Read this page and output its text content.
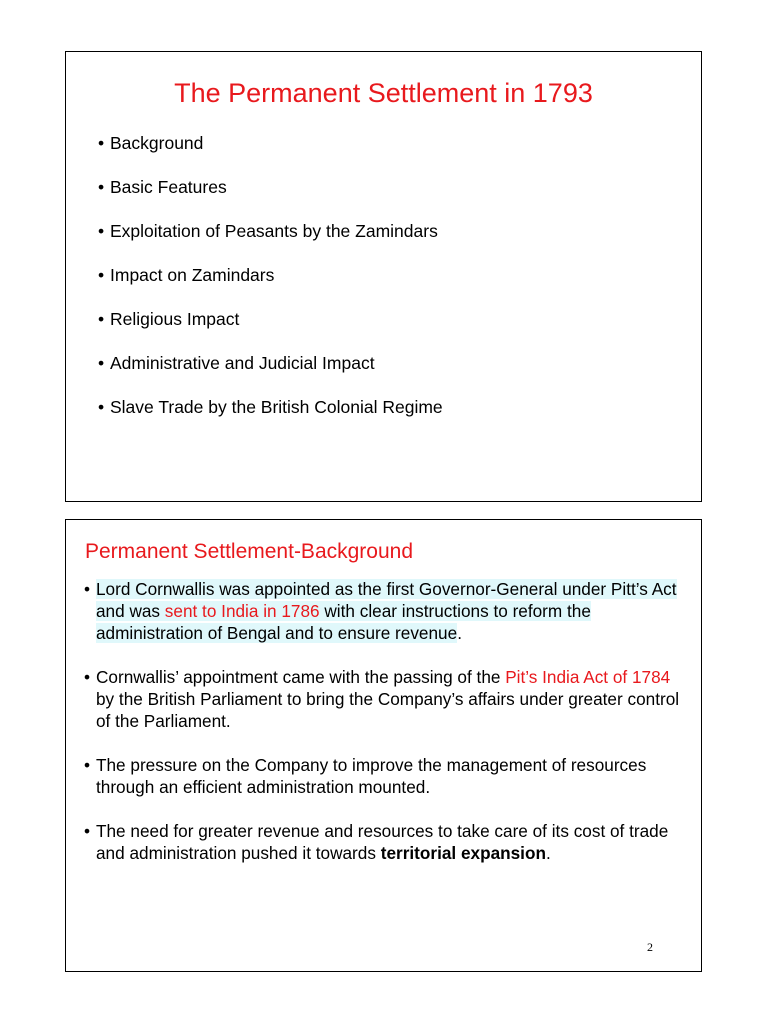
The Permanent Settlement in 1793
• Background
• Basic Features
• Exploitation of Peasants by the Zamindars
• Impact on Zamindars
• Religious Impact
• Administrative and Judicial Impact
• Slave Trade by the British Colonial Regime
Permanent Settlement-Background
• Lord Cornwallis was appointed as the first Governor-General under Pitt’s Act and was sent to India in 1786 with clear instructions to reform the administration of Bengal and to ensure revenue.
• Cornwallis’ appointment came with the passing of the Pit’s India Act of 1784 by the British Parliament to bring the Company’s affairs under greater control of the Parliament.
• The pressure on the Company to improve the management of resources through an efficient administration mounted.
• The need for greater revenue and resources to take care of its cost of trade and administration pushed it towards territorial expansion.
2
